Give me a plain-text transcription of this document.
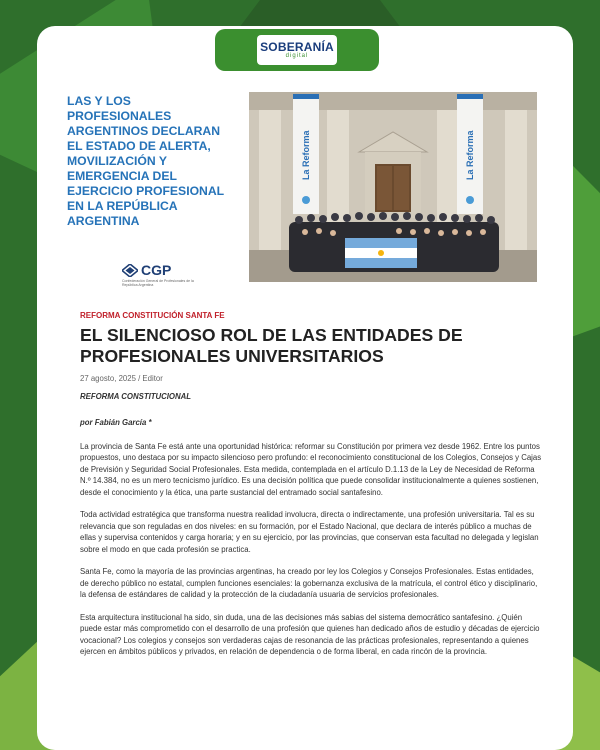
SOBERANÍA
digital
LAS Y LOS PROFESIONALES ARGENTINOS DECLARAN EL ESTADO DE ALERTA, MOVILIZACIÓN Y EMERGENCIA DEL EJERCICIO PROFESIONAL EN LA REPÚBLICA ARGENTINA
CGP
Confederación General de Profesionales de la República Argentina
La Reforma	La Reforma
REFORMA CONSTITUCIÓN SANTA FE
EL SILENCIOSO ROL DE LAS ENTIDADES DE PROFESIONALES UNIVERSITARIOS
27 agosto, 2025 / Editor
REFORMA CONSTITUCIONAL
por Fabián García *

La provincia de Santa Fe está ante una oportunidad histórica: reformar su Constitución por primera vez desde 1962. Entre los puntos propuestos, uno destaca por su impacto silencioso pero profundo: el reconocimiento constitucional de los Colegios, Consejos y Cajas de Previsión y Seguridad Social Profesionales. Esta medida, contemplada en el artículo D.1.13 de la Ley de Necesidad de Reforma N.º 14.384, no es un mero tecnicismo jurídico. Es una decisión política que puede consolidar institucionalmente a quienes sostienen, desde el conocimiento y la ética, una parte sustancial del entramado social santafesino.

Toda actividad estratégica que transforma nuestra realidad involucra, directa o indirectamente, una profesión universitaria. Tal es su relevancia que son reguladas en dos niveles: en su formación, por el Estado Nacional, que declara de interés público a muchas de ellas y supervisa contenidos y carga horaria; y en su ejercicio, por las provincias, que conservan esta facultad no delegada y legislan sobre el modo en que cada profesión se practica.

Santa Fe, como la mayoría de las provincias argentinas, ha creado por ley los Colegios y Consejos Profesionales. Estas entidades, de derecho público no estatal, cumplen funciones esenciales: la gobernanza exclusiva de la matrícula, el control ético y disciplinario, la defensa de estándares de calidad y la protección de la ciudadanía usuaria de servicios profesionales.

Esta arquitectura institucional ha sido, sin duda, una de las decisiones más sabias del sistema democrático santafesino. ¿Quién puede estar más comprometido con el desarrollo de una profesión que quienes han dedicado años de estudio y décadas de ejercicio vocacional? Los colegios y consejos son verdaderas cajas de resonancia de las prácticas profesionales, representando a quienes ejercen en ámbitos públicos y privados, en relación de dependencia o de forma liberal, en cada rincón de la provincia.
